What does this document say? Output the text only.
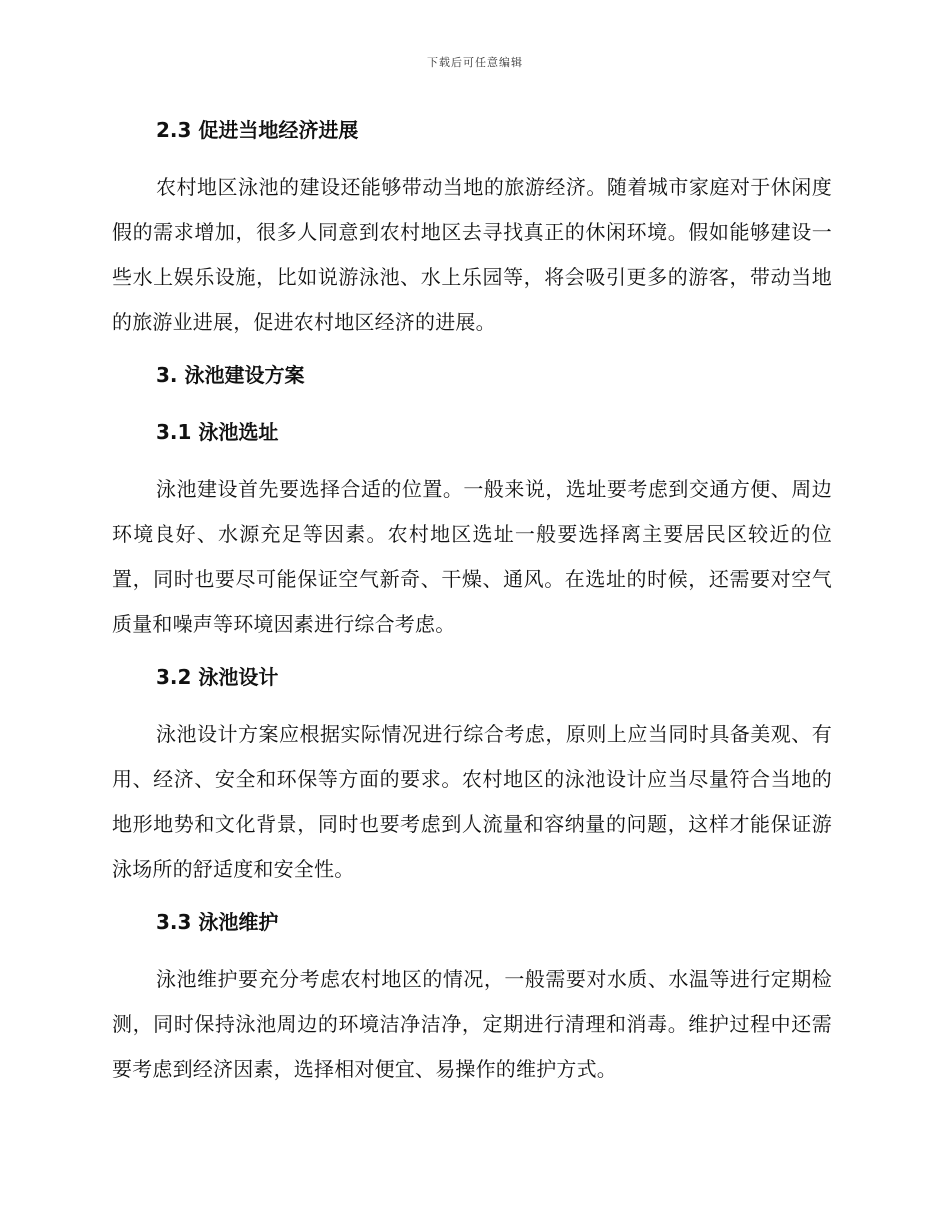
下载后可任意编辑
2.3 促进当地经济进展

农村地区泳池的建设还能够带动当地的旅游经济。随着城市家庭对于休闲度假的需求增加，很多人同意到农村地区去寻找真正的休闲环境。假如能够建设一些水上娱乐设施，比如说游泳池、水上乐园等，将会吸引更多的游客，带动当地的旅游业进展，促进农村地区经济的进展。

3. 泳池建设方案
3.1 泳池选址

泳池建设首先要选择合适的位置。一般来说，选址要考虑到交通方便、周边环境良好、水源充足等因素。农村地区选址一般要选择离主要居民区较近的位置，同时也要尽可能保证空气新奇、干燥、通风。在选址的时候，还需要对空气质量和噪声等环境因素进行综合考虑。

3.2 泳池设计

泳池设计方案应根据实际情况进行综合考虑，原则上应当同时具备美观、有用、经济、安全和环保等方面的要求。农村地区的泳池设计应当尽量符合当地的地形地势和文化背景，同时也要考虑到人流量和容纳量的问题，这样才能保证游泳场所的舒适度和安全性。

3.3 泳池维护

泳池维护要充分考虑农村地区的情况，一般需要对水质、水温等进行定期检测，同时保持泳池周边的环境洁净洁净，定期进行清理和消毒。维护过程中还需要考虑到经济因素，选择相对便宜、易操作的维护方式。
